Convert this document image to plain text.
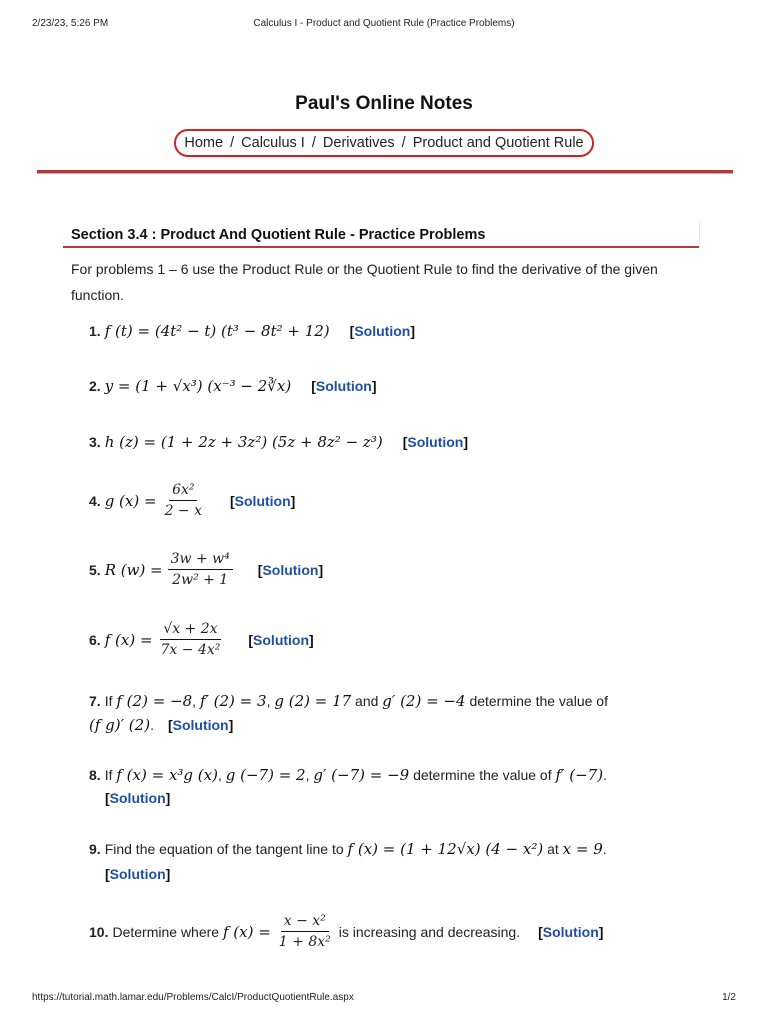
2/23/23, 5:26 PM	Calculus I - Product and Quotient Rule (Practice Problems)
Paul's Online Notes
Home / Calculus I / Derivatives / Product and Quotient Rule
Section 3.4 : Product And Quotient Rule - Practice Problems
For problems 1 – 6 use the Product Rule or the Quotient Rule to find the derivative of the given function.
1. f (t) = (4t² − t) (t³ − 8t² + 12) [Solution]
2. y = (1 + √x³) (x⁻³ − 2∛x) [Solution]
3. h (z) = (1 + 2z + 3z²) (5z + 8z² − z³) [Solution]
4. g $(x) = \frac{\text{6x²}}{2 - x}$ [Solution]
5. R $(w) = \frac{\text{3w + w⁴}}{\text{2w² + 1}}$ [Solution]
6. f $(x) = \frac{√x + 2x}{\text{7x − 4x²}}$ [Solution]
7. If
f (2) = −8 ,
f′ (2) = 3 ,
g (2) = 17
and
g′ (2) = −4
determine the value of
(f g)′ (2) . [Solution]
8. If
f (x) = x³g (x) ,
g (−7) = 2 ,
g′ (−7) = −9
determine the value of
f′ (−7) .
[Solution]
9. Find the equation of the tangent line to
f (x) = (1 + 12√x) (4 − x²)
at
x = 9 .
[Solution]
10. Determine where
f $(x) = \frac{\text{x − x²}}{\text{1 + 8x²}}$ is increasing and decreasing. [Solution]
https://tutorial.math.lamar.edu/Problems/CalcI/ProductQuotientRule.aspx	1/2
